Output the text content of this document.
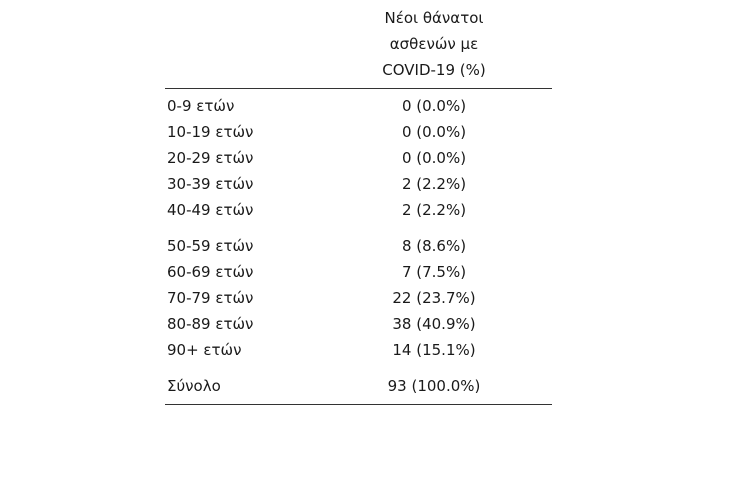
Νέοι θάνατοι
ασθενών με
COVID-19 (%)
0-9 ετών	0 (0.0%)
10-19 ετών	0 (0.0%)
20-29 ετών	0 (0.0%)
30-39 ετών	2 (2.2%)
40-49 ετών	2 (2.2%)
50-59 ετών	8 (8.6%)
60-69 ετών	7 (7.5%)
70-79 ετών	22 (23.7%)
80-89 ετών	38 (40.9%)
90+ ετών	14 (15.1%)
Σύνολο	93 (100.0%)
